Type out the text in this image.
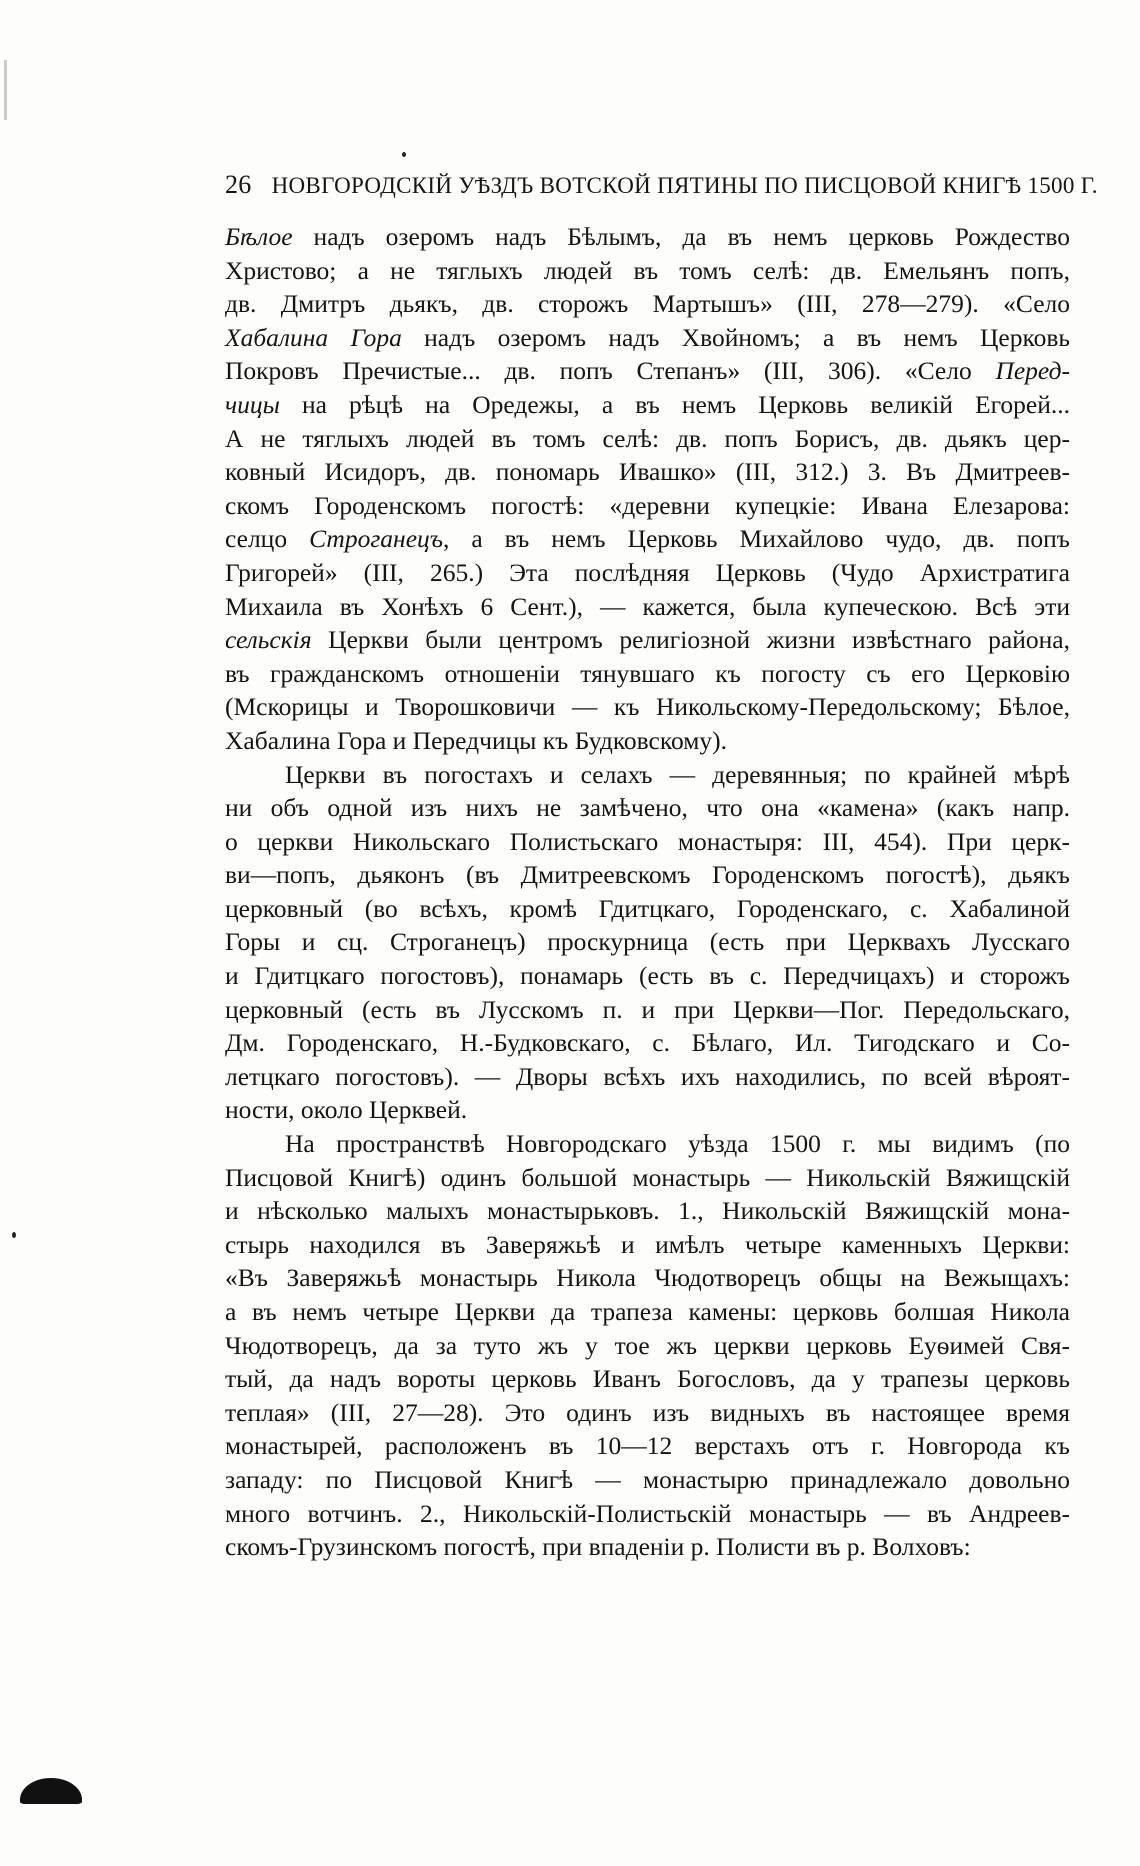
26 НОВГОРОДСКІЙ УѢЗДЪ ВОТСКОЙ ПЯТИНЫ ПО ПИСЦОВОЙ КНИГѢ 1500 Г.
Бѣлое надъ озеромъ надъ Бѣлымъ, да въ немъ церковь Рождество
Христово; а не тяглыхъ людей въ томъ селѣ: дв. Емельянъ попъ,
дв. Дмитръ дьякъ, дв. сторожъ Мартышъ» (III, 278—279). «Село
Хабалина Гора надъ озеромъ надъ Хвойномъ; а въ немъ Церковь
Покровъ Пречистые... дв. попъ Степанъ» (III, 306). «Село Перед-
чицы на рѣцѣ на Оредежы, а въ немъ Церковь великій Егорей...
А не тяглыхъ людей въ томъ селѣ: дв. попъ Борисъ, дв. дьякъ цер-
ковный Исидоръ, дв. пономарь Ивашко» (III, 312.) 3. Въ Дмитреев-
скомъ Городенскомъ погостѣ: «деревни купецкіе: Ивана Елезарова:
селцо Строганецъ, а въ немъ Церковь Михайлово чудо, дв. попъ
Григорей» (III, 265.) Эта послѣдняя Церковь (Чудо Архистратига
Михаила въ Хонѣхъ 6 Сент.), — кажется, была купеческою. Всѣ эти
сельскія Церкви были центромъ религіозной жизни извѣстнаго района,
въ гражданскомъ отношеніи тянувшаго къ погосту съ его Церковію
(Мскорицы и Творошковичи — къ Никольскому-Передольскому; Бѣлое,
Хабалина Гора и Передчицы къ Будковскому).
Церкви въ погостахъ и селахъ — деревянныя; по крайней мѣрѣ
ни объ одной изъ нихъ не замѣчено, что она «камена» (какъ напр.
о церкви Никольскаго Полистьскаго монастыря: III, 454). При церк-
ви—попъ, дьяконъ (въ Дмитреевскомъ Городенскомъ погостѣ), дьякъ
церковный (во всѣхъ, кромѣ Гдитцкаго, Городенскаго, с. Хабалиной
Горы и сц. Строганецъ) проскурница (есть при Церквахъ Лусскаго
и Гдитцкаго погостовъ), понамарь (есть въ с. Передчицахъ) и сторожъ
церковный (есть въ Лусскомъ п. и при Церкви—Пог. Передольскаго,
Дм. Городенскаго, Н.-Будковскаго, с. Бѣлаго, Ил. Тигодскаго и Со-
летцкаго погостовъ). — Дворы всѣхъ ихъ находились, по всей вѣроят-
ности, около Церквей.
На пространствѣ Новгородскаго уѣзда 1500 г. мы видимъ (по
Писцовой Книгѣ) одинъ большой монастырь — Никольскій Вяжищскій
и нѣсколько малыхъ монастырьковъ. 1., Никольскій Вяжищскій мона-
стырь находился въ Заверяжьѣ и имѣлъ четыре каменныхъ Церкви:
«Въ Заверяжьѣ монастырь Никола Чюдотворецъ общы на Вежыщахъ:
а въ немъ четыре Церкви да трапеза камены: церковь болшая Никола
Чюдотворецъ, да за туто жъ у тое жъ церкви церковь Еуѳимей Свя-
тый, да надъ вороты церковь Иванъ Богословъ, да у трапезы церковь
теплая» (III, 27—28). Это одинъ изъ видныхъ въ настоящее время
монастырей, расположенъ въ 10—12 верстахъ отъ г. Новгорода къ
западу: по Писцовой Книгѣ — монастырю принадлежало довольно
много вотчинъ. 2., Никольскій-Полистьскій монастырь — въ Андреев-
скомъ-Грузинскомъ погостѣ, при впаденіи р. Полисти въ р. Волховъ:
